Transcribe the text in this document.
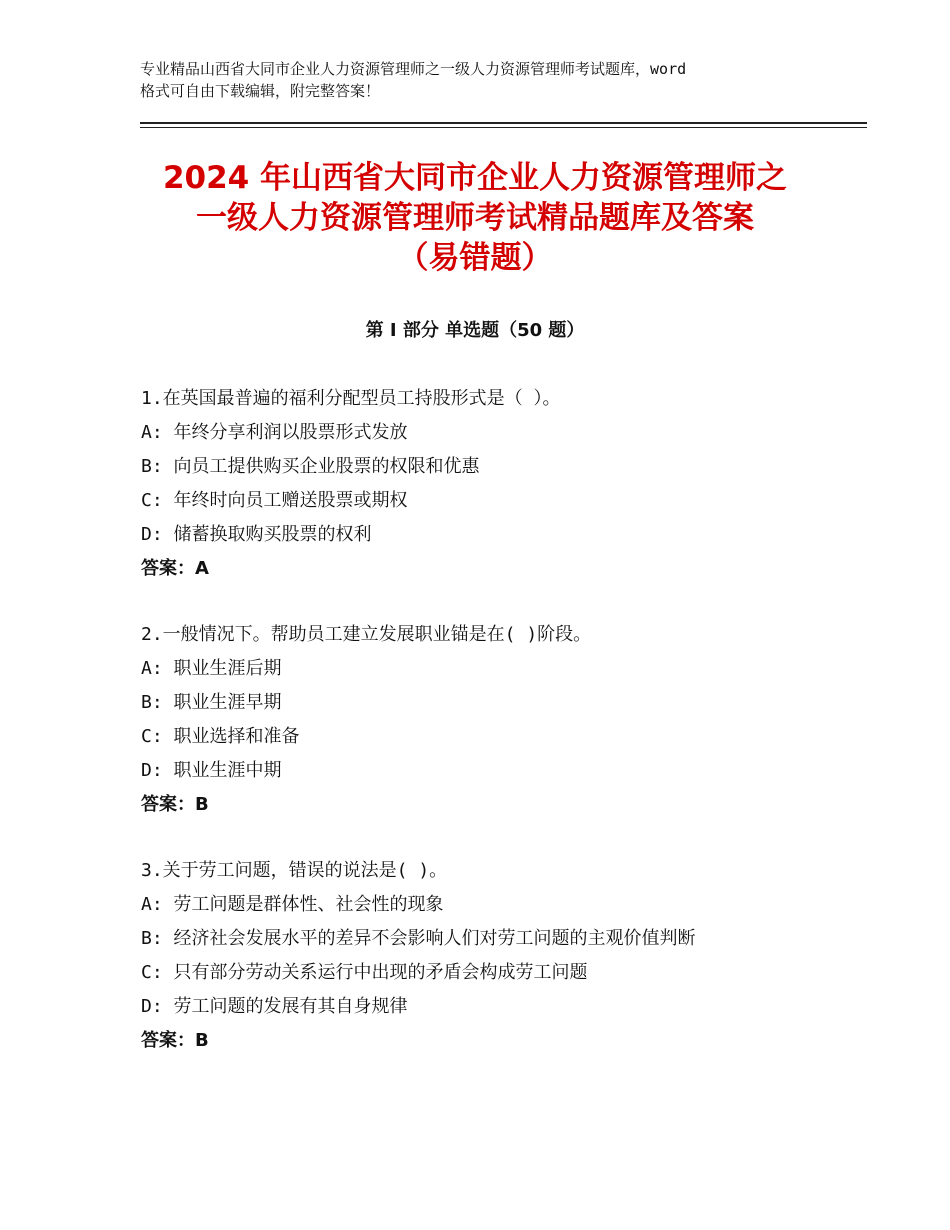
专业精品山西省大同市企业人力资源管理师之一级人力资源管理师考试题库，word
格式可自由下载编辑，附完整答案！
2024 年山西省大同市企业人力资源管理师之
一级人力资源管理师考试精品题库及答案
（易错题）
第 I 部分 单选题（50 题）
1.在英国最普遍的福利分配型员工持股形式是（ ）。
A: 年终分享利润以股票形式发放
B: 向员工提供购买企业股票的权限和优惠
C: 年终时向员工赠送股票或期权
D: 储蓄换取购买股票的权利
答案：A
2.一般情况下。帮助员工建立发展职业锚是在( )阶段。
A: 职业生涯后期
B: 职业生涯早期
C: 职业选择和准备
D: 职业生涯中期
答案：B
3.关于劳工问题，错误的说法是( )。
A: 劳工问题是群体性、社会性的现象
B: 经济社会发展水平的差异不会影响人们对劳工问题的主观价值判断
C: 只有部分劳动关系运行中出现的矛盾会构成劳工问题
D: 劳工问题的发展有其自身规律
答案：B
